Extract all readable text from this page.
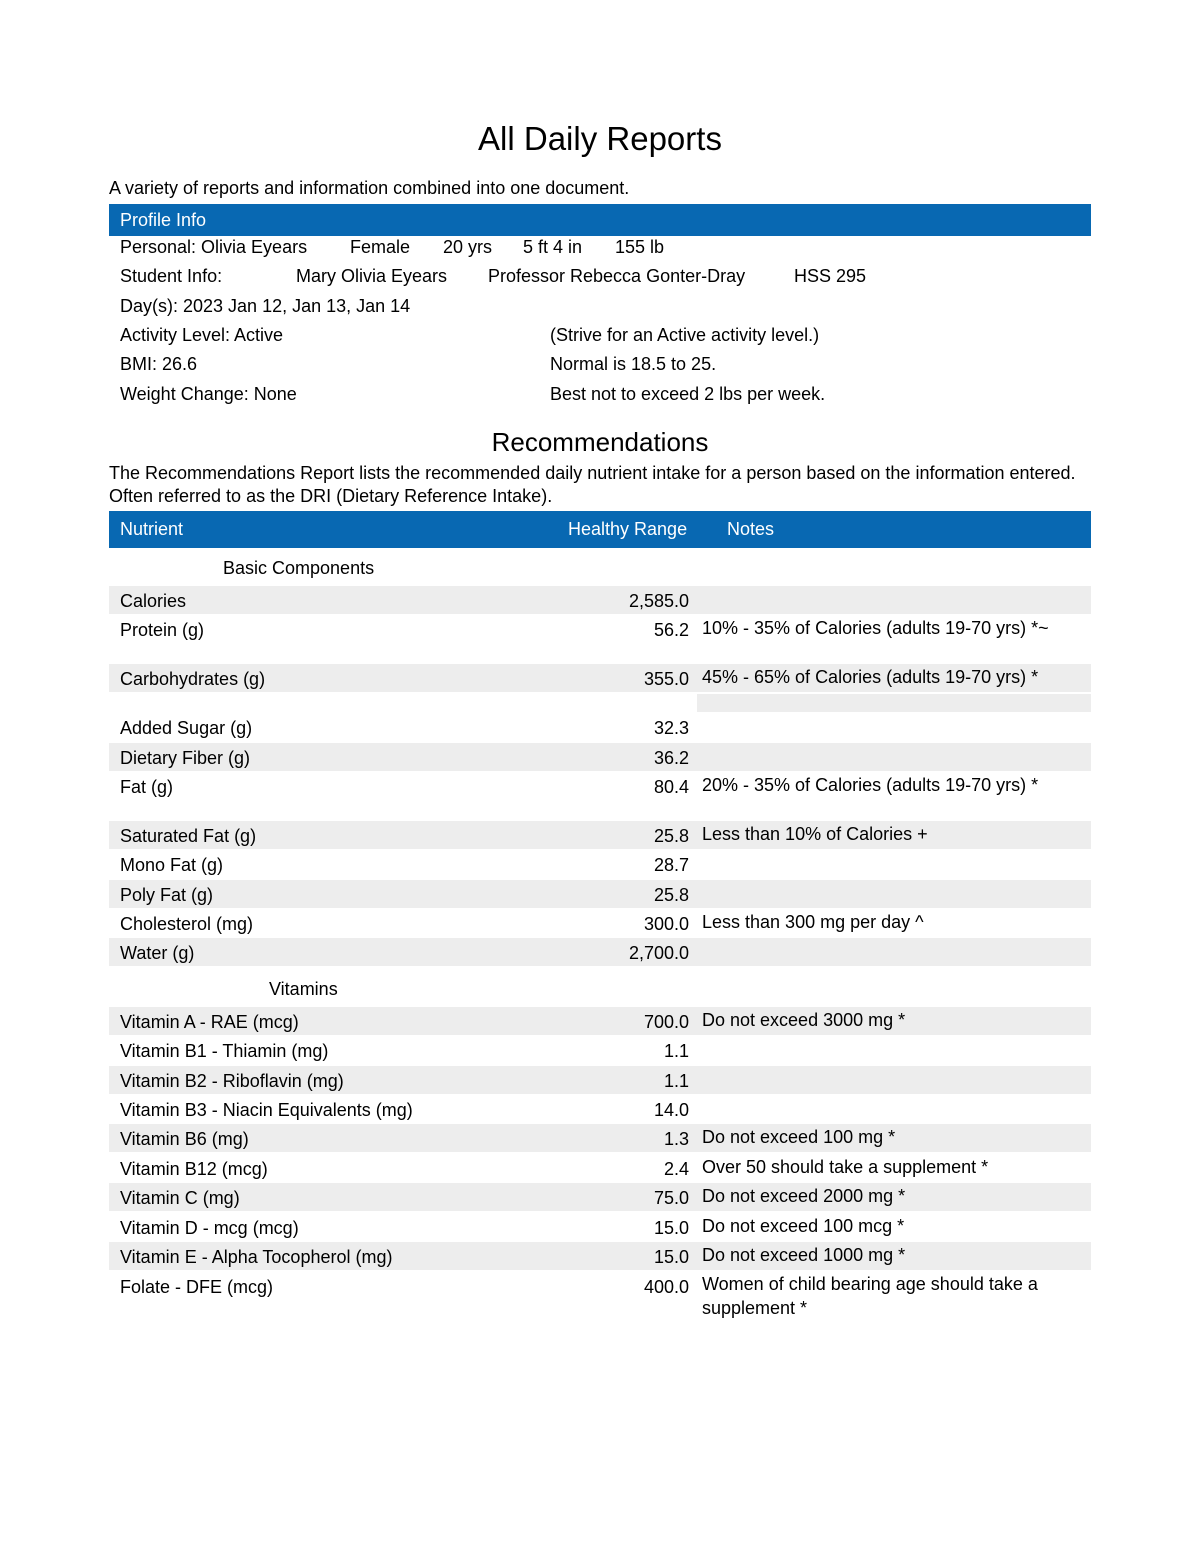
All Daily Reports
A variety of reports and information combined into one document.
Profile Info
Personal: Olivia Eyears Female 20 yrs 5 ft 4 in 155 lb
Student Info:	Mary Olivia Eyears Professor Rebecca Gonter-Dray	HSS 295
Day(s): 2023 Jan 12, Jan 13, Jan 14
Activity Level: Active	(Strive for an Active activity level.)
BMI: 26.6	Normal is 18.5 to 25.
Weight Change: None	Best not to exceed 2 lbs per week.
Recommendations
The Recommendations Report lists the recommended daily nutrient intake for a person based on the information entered. Often referred to as the DRI (Dietary Reference Intake).
Nutrient	Healthy Range Notes
Basic Components
Calories	2,585.0
Protein (g)	56.2 10% - 35% of Calories (adults 19-70 yrs) *~
Carbohydrates (g)	355.0 45% - 65% of Calories (adults 19-70 yrs) *
Added Sugar (g)	32.3
Dietary Fiber (g)	36.2
Fat (g)	80.4 20% - 35% of Calories (adults 19-70 yrs) *
Saturated Fat (g)	25.8 Less than 10% of Calories +
Mono Fat (g)	28.7
Poly Fat (g)	25.8
Cholesterol (mg)	300.0 Less than 300 mg per day ^
Water (g)	2,700.0
Vitamins
Vitamin A - RAE (mcg)	700.0 Do not exceed 3000 mg *
Vitamin B1 - Thiamin (mg)	1.1
Vitamin B2 - Riboflavin (mg)	1.1
Vitamin B3 - Niacin Equivalents (mg)	14.0
Vitamin B6 (mg)	1.3 Do not exceed 100 mg *
Vitamin B12 (mcg)	2.4 Over 50 should take a supplement *
Vitamin C (mg)	75.0 Do not exceed 2000 mg *
Vitamin D - mcg (mcg)	15.0 Do not exceed 100 mcg *
Vitamin E - Alpha Tocopherol (mg)	15.0 Do not exceed 1000 mg *
Folate - DFE (mcg)	400.0 Women of child bearing age should take a supplement *
